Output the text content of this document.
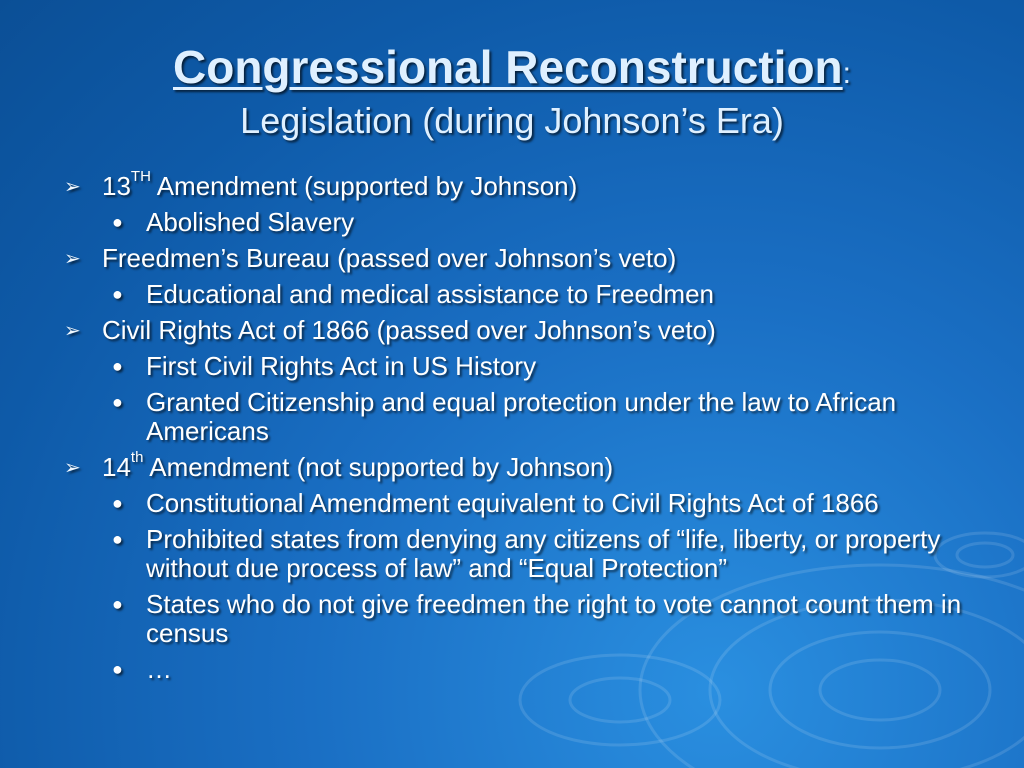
Congressional Reconstruction:
Legislation (during Johnson’s Era)
➢ 13TH Amendment (supported by Johnson)
● Abolished Slavery
➢ Freedmen’s Bureau (passed over Johnson’s veto)
● Educational and medical assistance to Freedmen
➢ Civil Rights Act of 1866 (passed over Johnson’s veto)
● First Civil Rights Act in US History
● Granted Citizenship and equal protection under the law to African Americans
➢ 14th Amendment (not supported by Johnson)
● Constitutional Amendment equivalent to Civil Rights Act of 1866
● Prohibited states from denying any citizens of “life, liberty, or property without due process of law” and “Equal Protection”
● States who do not give freedmen the right to vote cannot count them in census
● …
